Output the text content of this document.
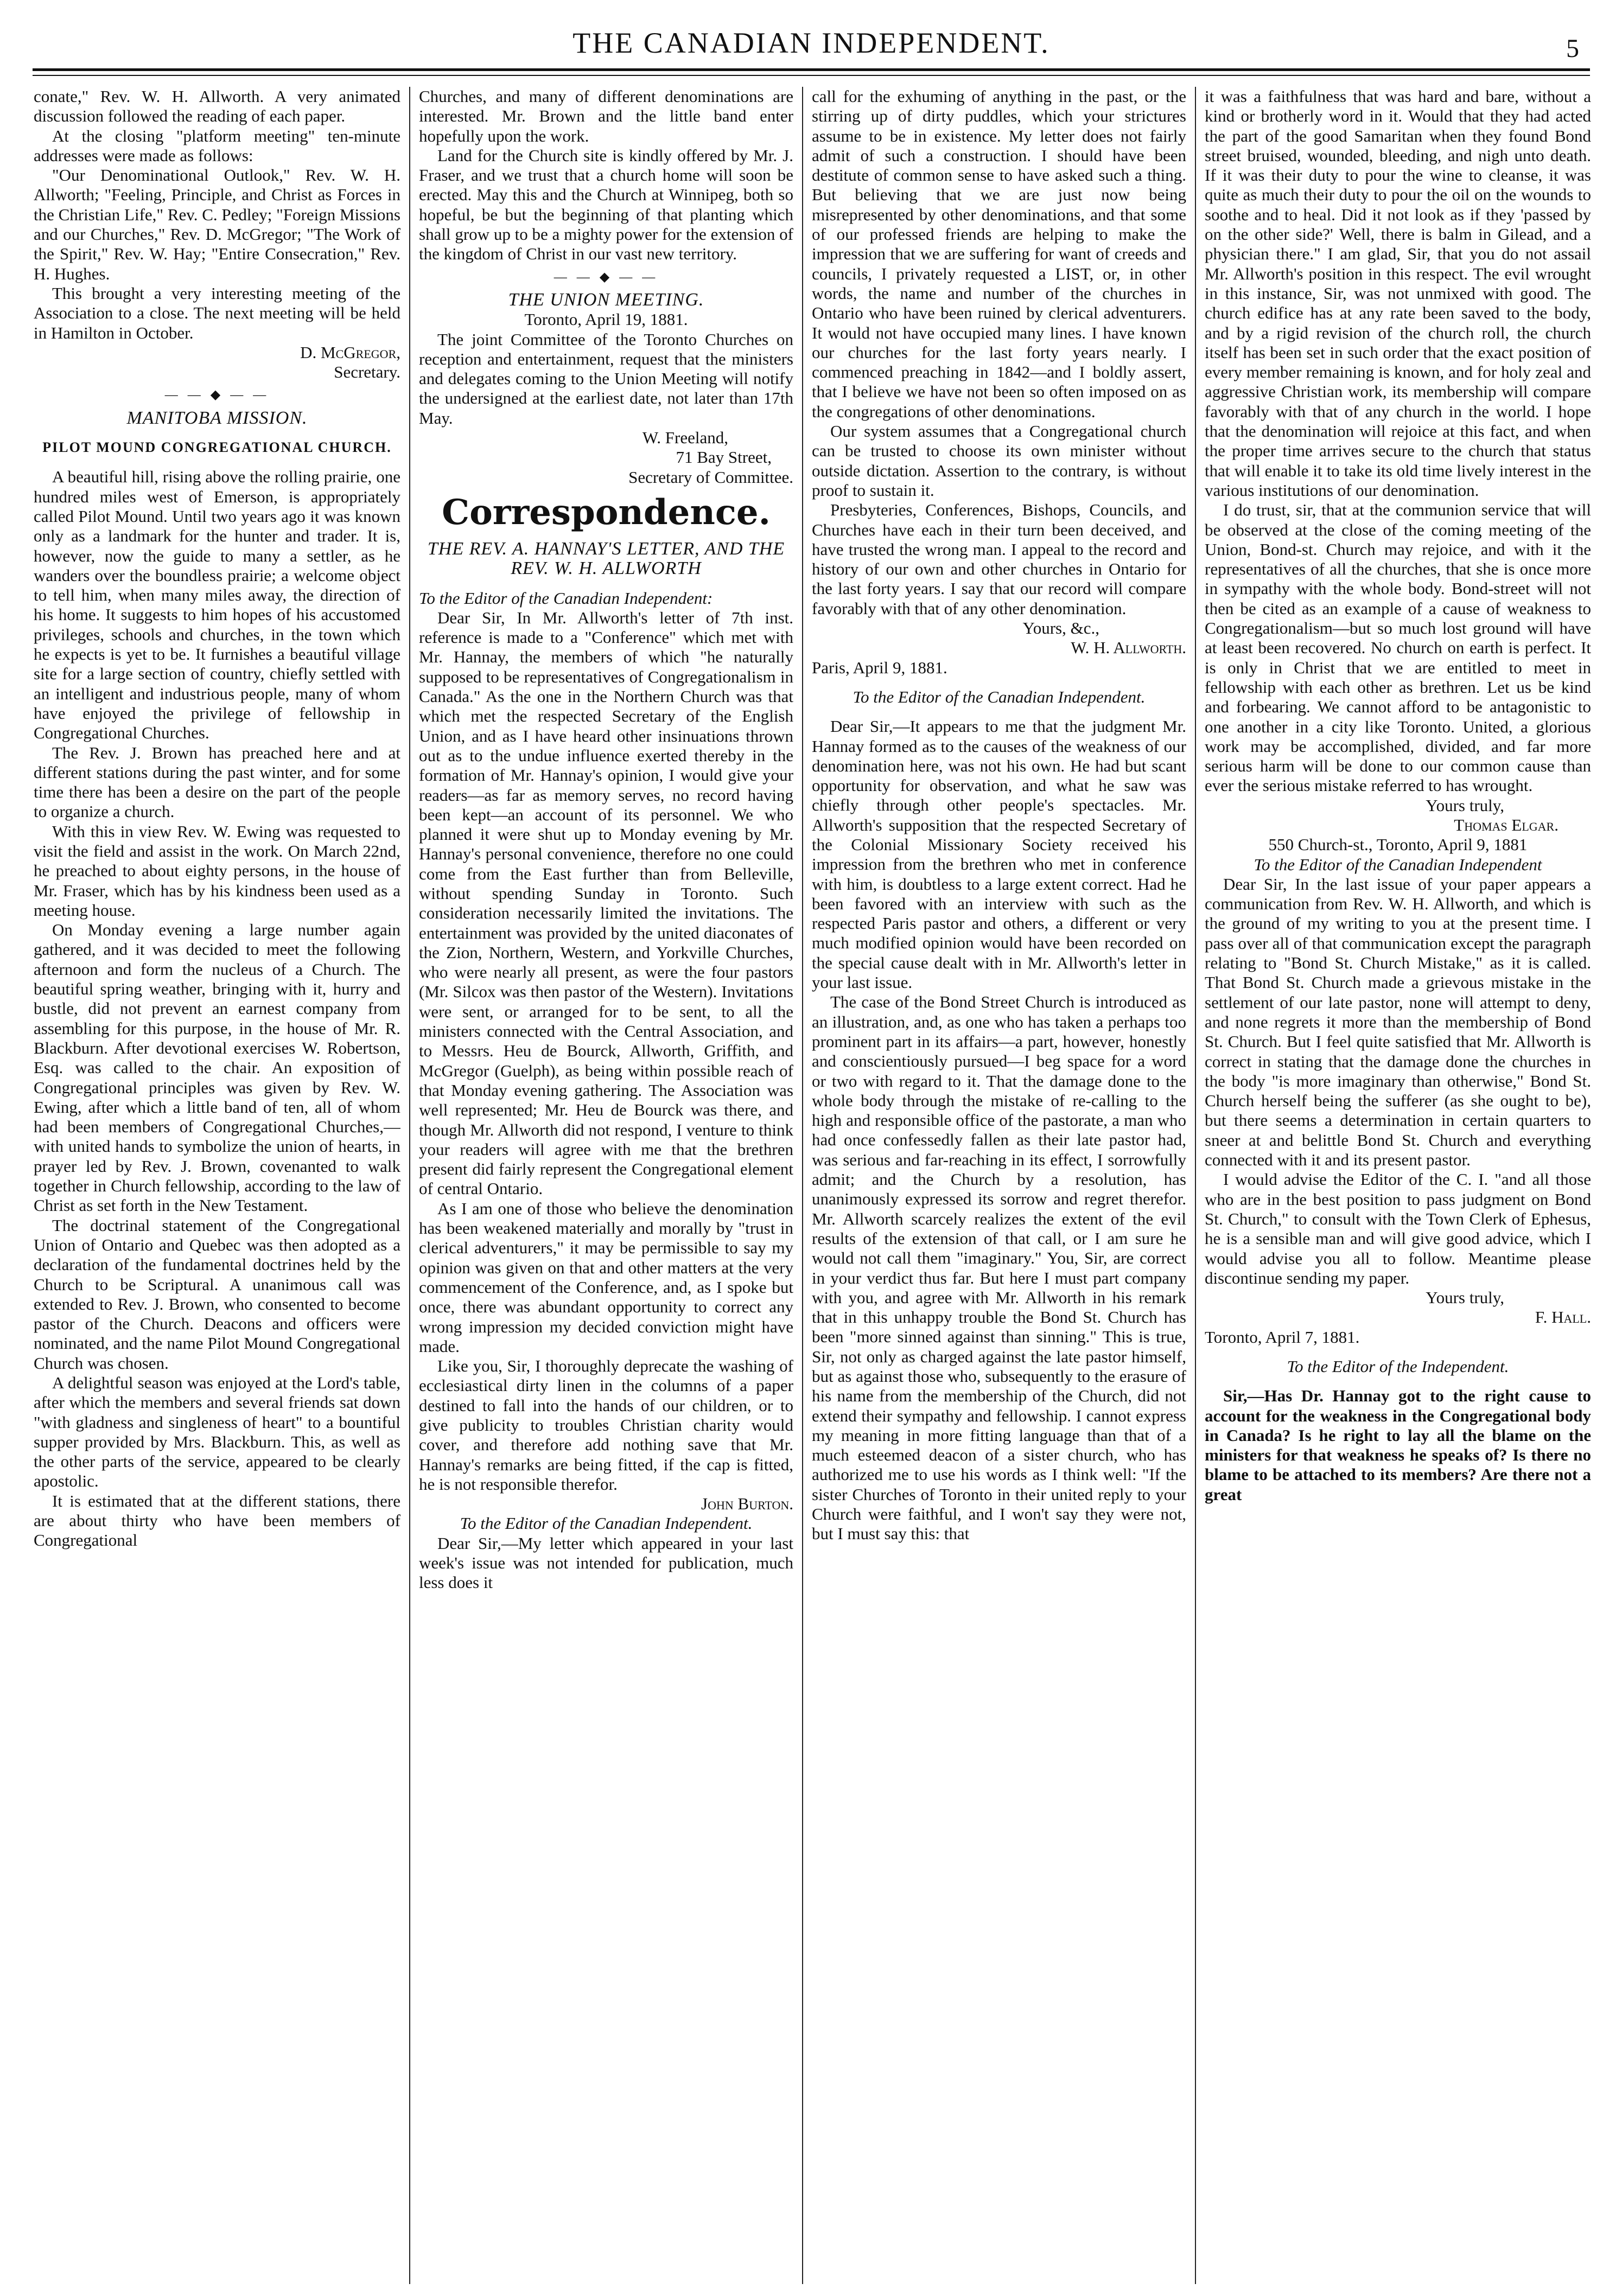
THE CANADIAN INDEPENDENT.	5

conate," Rev. W. H. Allworth. A very animated discussion followed the reading of each paper.

At the closing "platform meeting" ten-minute addresses were made as follows:

"Our Denominational Outlook," Rev. W. H. Allworth; "Feeling, Principle, and Christ as Forces in the Christian Life," Rev. C. Pedley; "Foreign Missions and our Churches," Rev. D. McGregor; "The Work of the Spirit," Rev. W. Hay; "Entire Consecration," Rev. H. Hughes.

This brought a very interesting meeting of the Association to a close. The next meeting will be held in Hamilton in October.

D. McGregor,

Secretary.

— — ◆ — —

MANITOBA MISSION.

PILOT MOUND CONGREGATIONAL CHURCH.

A beautiful hill, rising above the rolling prairie, one hundred miles west of Emerson, is appropriately called Pilot Mound. Until two years ago it was known only as a landmark for the hunter and trader. It is, however, now the guide to many a settler, as he wanders over the boundless prairie; a welcome object to tell him, when many miles away, the direction of his home. It suggests to him hopes of his accustomed privileges, schools and churches, in the town which he expects is yet to be. It furnishes a beautiful village site for a large section of country, chiefly settled with an intelligent and industrious people, many of whom have enjoyed the privilege of fellowship in Congregational Churches.

The Rev. J. Brown has preached here and at different stations during the past winter, and for some time there has been a desire on the part of the people to organize a church.

With this in view Rev. W. Ewing was requested to visit the field and assist in the work. On March 22nd, he preached to about eighty persons, in the house of Mr. Fraser, which has by his kindness been used as a meeting house.

On Monday evening a large number again gathered, and it was decided to meet the following afternoon and form the nucleus of a Church. The beautiful spring weather, bringing with it, hurry and bustle, did not prevent an earnest company from assembling for this purpose, in the house of Mr. R. Blackburn. After devotional exercises W. Robertson, Esq. was called to the chair. An exposition of Congregational principles was given by Rev. W. Ewing, after which a little band of ten, all of whom had been members of Congregational Churches,—with united hands to symbolize the union of hearts, in prayer led by Rev. J. Brown, covenanted to walk together in Church fellowship, according to the law of Christ as set forth in the New Testament.

The doctrinal statement of the Congregational Union of Ontario and Quebec was then adopted as a declaration of the fundamental doctrines held by the Church to be Scriptural. A unanimous call was extended to Rev. J. Brown, who consented to become pastor of the Church. Deacons and officers were nominated, and the name Pilot Mound Congregational Church was chosen.

A delightful season was enjoyed at the Lord's table, after which the members and several friends sat down "with gladness and singleness of heart" to a bountiful supper provided by Mrs. Blackburn. This, as well as the other parts of the service, appeared to be clearly apostolic.

It is estimated that at the different stations, there are about thirty who have been members of Congregational

Churches, and many of different denominations are interested. Mr. Brown and the little band enter hopefully upon the work.

Land for the Church site is kindly offered by Mr. J. Fraser, and we trust that a church home will soon be erected. May this and the Church at Winnipeg, both so hopeful, be but the beginning of that planting which shall grow up to be a mighty power for the extension of the kingdom of Christ in our vast new territory.

— — ◆ — —

THE UNION MEETING.

Toronto, April 19, 1881.

The joint Committee of the Toronto Churches on reception and entertainment, request that the ministers and delegates coming to the Union Meeting will notify the undersigned at the earliest date, not later than 17th May.

W. Freeland,

71 Bay Street,

Secretary of Committee.

Correspondence.

THE REV. A. HANNAY'S LETTER, AND THE REV. W. H. ALLWORTH

To the Editor of the Canadian Independent:

Dear Sir, In Mr. Allworth's letter of 7th inst. reference is made to a "Conference" which met with Mr. Hannay, the members of which "he naturally supposed to be representatives of Congregationalism in Canada." As the one in the Northern Church was that which met the respected Secretary of the English Union, and as I have heard other insinuations thrown out as to the undue influence exerted thereby in the formation of Mr. Hannay's opinion, I would give your readers—as far as memory serves, no record having been kept—an account of its personnel. We who planned it were shut up to Monday evening by Mr. Hannay's personal convenience, therefore no one could come from the East further than from Belleville, without spending Sunday in Toronto. Such consideration necessarily limited the invitations. The entertainment was provided by the united diaconates of the Zion, Northern, Western, and Yorkville Churches, who were nearly all present, as were the four pastors (Mr. Silcox was then pastor of the Western). Invitations were sent, or arranged for to be sent, to all the ministers connected with the Central Association, and to Messrs. Heu de Bourck, Allworth, Griffith, and McGregor (Guelph), as being within possible reach of that Monday evening gathering. The Association was well represented; Mr. Heu de Bourck was there, and though Mr. Allworth did not respond, I venture to think your readers will agree with me that the brethren present did fairly represent the Congregational element of central Ontario.

As I am one of those who believe the denomination has been weakened materially and morally by "trust in clerical adventurers," it may be permissible to say my opinion was given on that and other matters at the very commencement of the Conference, and, as I spoke but once, there was abundant opportunity to correct any wrong impression my decided conviction might have made.

Like you, Sir, I thoroughly deprecate the washing of ecclesiastical dirty linen in the columns of a paper destined to fall into the hands of our children, or to give publicity to troubles Christian charity would cover, and therefore add nothing save that Mr. Hannay's remarks are being fitted, if the cap is fitted, he is not responsible therefor.

John Burton.

To the Editor of the Canadian Independent.

Dear Sir,—My letter which appeared in your last week's issue was not intended for publication, much less does it

call for the exhuming of anything in the past, or the stirring up of dirty puddles, which your strictures assume to be in existence. My letter does not fairly admit of such a construction. I should have been destitute of common sense to have asked such a thing. But believing that we are just now being misrepresented by other denominations, and that some of our professed friends are helping to make the impression that we are suffering for want of creeds and councils, I privately requested a LIST, or, in other words, the name and number of the churches in Ontario who have been ruined by clerical adventurers. It would not have occupied many lines. I have known our churches for the last forty years nearly. I commenced preaching in 1842—and I boldly assert, that I believe we have not been so often imposed on as the congregations of other denominations.

Our system assumes that a Congregational church can be trusted to choose its own minister without outside dictation. Assertion to the contrary, is without proof to sustain it.

Presbyteries, Conferences, Bishops, Councils, and Churches have each in their turn been deceived, and have trusted the wrong man. I appeal to the record and history of our own and other churches in Ontario for the last forty years. I say that our record will compare favorably with that of any other denomination.

Yours, &c.,

W. H. Allworth.

Paris, April 9, 1881.

To the Editor of the Canadian Independent.

Dear Sir,—It appears to me that the judgment Mr. Hannay formed as to the causes of the weakness of our denomination here, was not his own. He had but scant opportunity for observation, and what he saw was chiefly through other people's spectacles. Mr. Allworth's supposition that the respected Secretary of the Colonial Missionary Society received his impression from the brethren who met in conference with him, is doubtless to a large extent correct. Had he been favored with an interview with such as the respected Paris pastor and others, a different or very much modified opinion would have been recorded on the special cause dealt with in Mr. Allworth's letter in your last issue.

The case of the Bond Street Church is introduced as an illustration, and, as one who has taken a perhaps too prominent part in its affairs—a part, however, honestly and conscientiously pursued—I beg space for a word or two with regard to it. That the damage done to the whole body through the mistake of re-calling to the high and responsible office of the pastorate, a man who had once confessedly fallen as their late pastor had, was serious and far-reaching in its effect, I sorrowfully admit; and the Church by a resolution, has unanimously expressed its sorrow and regret therefor. Mr. Allworth scarcely realizes the extent of the evil results of the extension of that call, or I am sure he would not call them "imaginary." You, Sir, are correct in your verdict thus far. But here I must part company with you, and agree with Mr. Allworth in his remark that in this unhappy trouble the Bond St. Church has been "more sinned against than sinning." This is true, Sir, not only as charged against the late pastor himself, but as against those who, subsequently to the erasure of his name from the membership of the Church, did not extend their sympathy and fellowship. I cannot express my meaning in more fitting language than that of a much esteemed deacon of a sister church, who has authorized me to use his words as I think well: "If the sister Churches of Toronto in their united reply to your Church were faithful, and I won't say they were not, but I must say this: that

it was a faithfulness that was hard and bare, without a kind or brotherly word in it. Would that they had acted the part of the good Samaritan when they found Bond street bruised, wounded, bleeding, and nigh unto death. If it was their duty to pour the wine to cleanse, it was quite as much their duty to pour the oil on the wounds to soothe and to heal. Did it not look as if they 'passed by on the other side?' Well, there is balm in Gilead, and a physician there." I am glad, Sir, that you do not assail Mr. Allworth's position in this respect. The evil wrought in this instance, Sir, was not unmixed with good. The church edifice has at any rate been saved to the body, and by a rigid revision of the church roll, the church itself has been set in such order that the exact position of every member remaining is known, and for holy zeal and aggressive Christian work, its membership will compare favorably with that of any church in the world. I hope that the denomination will rejoice at this fact, and when the proper time arrives secure to the church that status that will enable it to take its old time lively interest in the various institutions of our denomination.

I do trust, sir, that at the communion service that will be observed at the close of the coming meeting of the Union, Bond-st. Church may rejoice, and with it the representatives of all the churches, that she is once more in sympathy with the whole body. Bond-street will not then be cited as an example of a cause of weakness to Congregationalism—but so much lost ground will have at least been recovered. No church on earth is perfect. It is only in Christ that we are entitled to meet in fellowship with each other as brethren. Let us be kind and forbearing. We cannot afford to be antagonistic to one another in a city like Toronto. United, a glorious work may be accomplished, divided, and far more serious harm will be done to our common cause than ever the serious mistake referred to has wrought.

Yours truly,

Thomas Elgar.

550 Church-st., Toronto, April 9, 1881

To the Editor of the Canadian Independent

Dear Sir, In the last issue of your paper appears a communication from Rev. W. H. Allworth, and which is the ground of my writing to you at the present time. I pass over all of that communication except the paragraph relating to "Bond St. Church Mistake," as it is called. That Bond St. Church made a grievous mistake in the settlement of our late pastor, none will attempt to deny, and none regrets it more than the membership of Bond St. Church. But I feel quite satisfied that Mr. Allworth is correct in stating that the damage done the churches in the body "is more imaginary than otherwise," Bond St. Church herself being the sufferer (as she ought to be), but there seems a determination in certain quarters to sneer at and belittle Bond St. Church and everything connected with it and its present pastor.

I would advise the Editor of the C. I. "and all those who are in the best position to pass judgment on Bond St. Church," to consult with the Town Clerk of Ephesus, he is a sensible man and will give good advice, which I would advise you all to follow. Meantime please discontinue sending my paper.

Yours truly,

F. Hall.

Toronto, April 7, 1881.

To the Editor of the Independent.

Sir,—Has Dr. Hannay got to the right cause to account for the weakness in the Congregational body in Canada? Is he right to lay all the blame on the ministers for that weakness he speaks of? Is there no blame to be attached to its members? Are there not a great
